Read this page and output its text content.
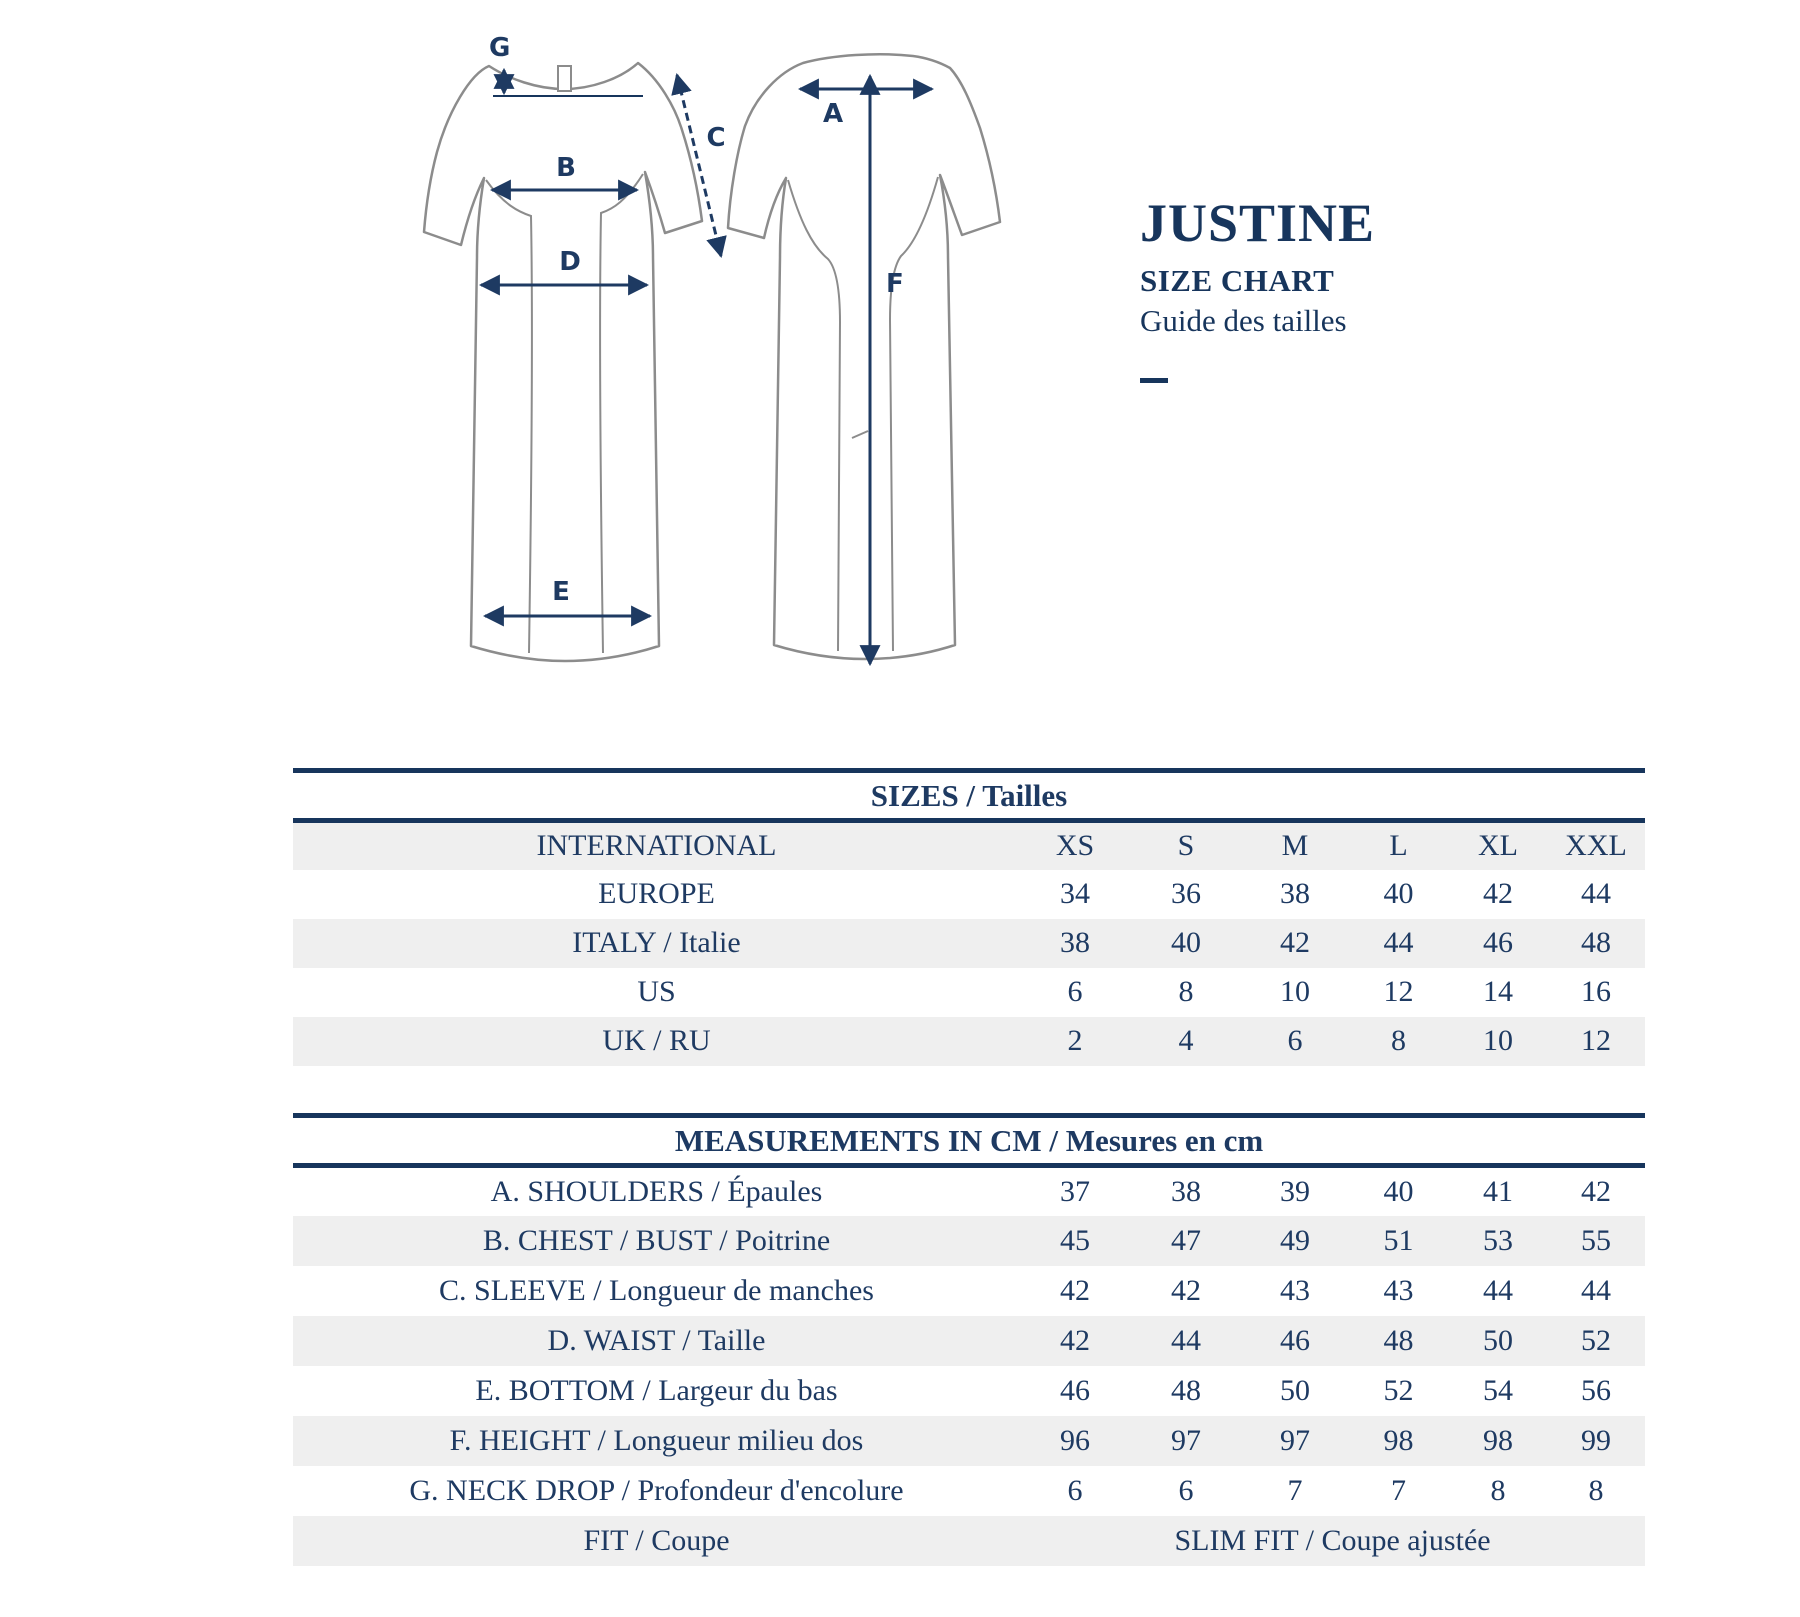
G
B
C
D
E
A
F
JUSTINE
SIZE CHART
Guide des tailles
SIZES / Tailles						
INTERNATIONAL	XS	S	M	L	XL	XXL
EUROPE	34	36	38	40	42	44
ITALY / Italie	38	40	42	44	46	48
US	6	8	10	12	14	16
UK / RU	2	4	6	8	10	12
MEASUREMENTS IN CM / Mesures en cm						
A. SHOULDERS / Épaules	37	38	39	40	41	42
B. CHEST / BUST / Poitrine	45	47	49	51	53	55
C. SLEEVE / Longueur de manches	42	42	43	43	44	44
D. WAIST / Taille	42	44	46	48	50	52
E. BOTTOM / Largeur du bas	46	48	50	52	54	56
F. HEIGHT / Longueur milieu dos	96	97	97	98	98	99
G. NECK DROP / Profondeur d'encolure	6	6	7	7	8	8
FIT / Coupe	SLIM FIT / Coupe ajustée					
